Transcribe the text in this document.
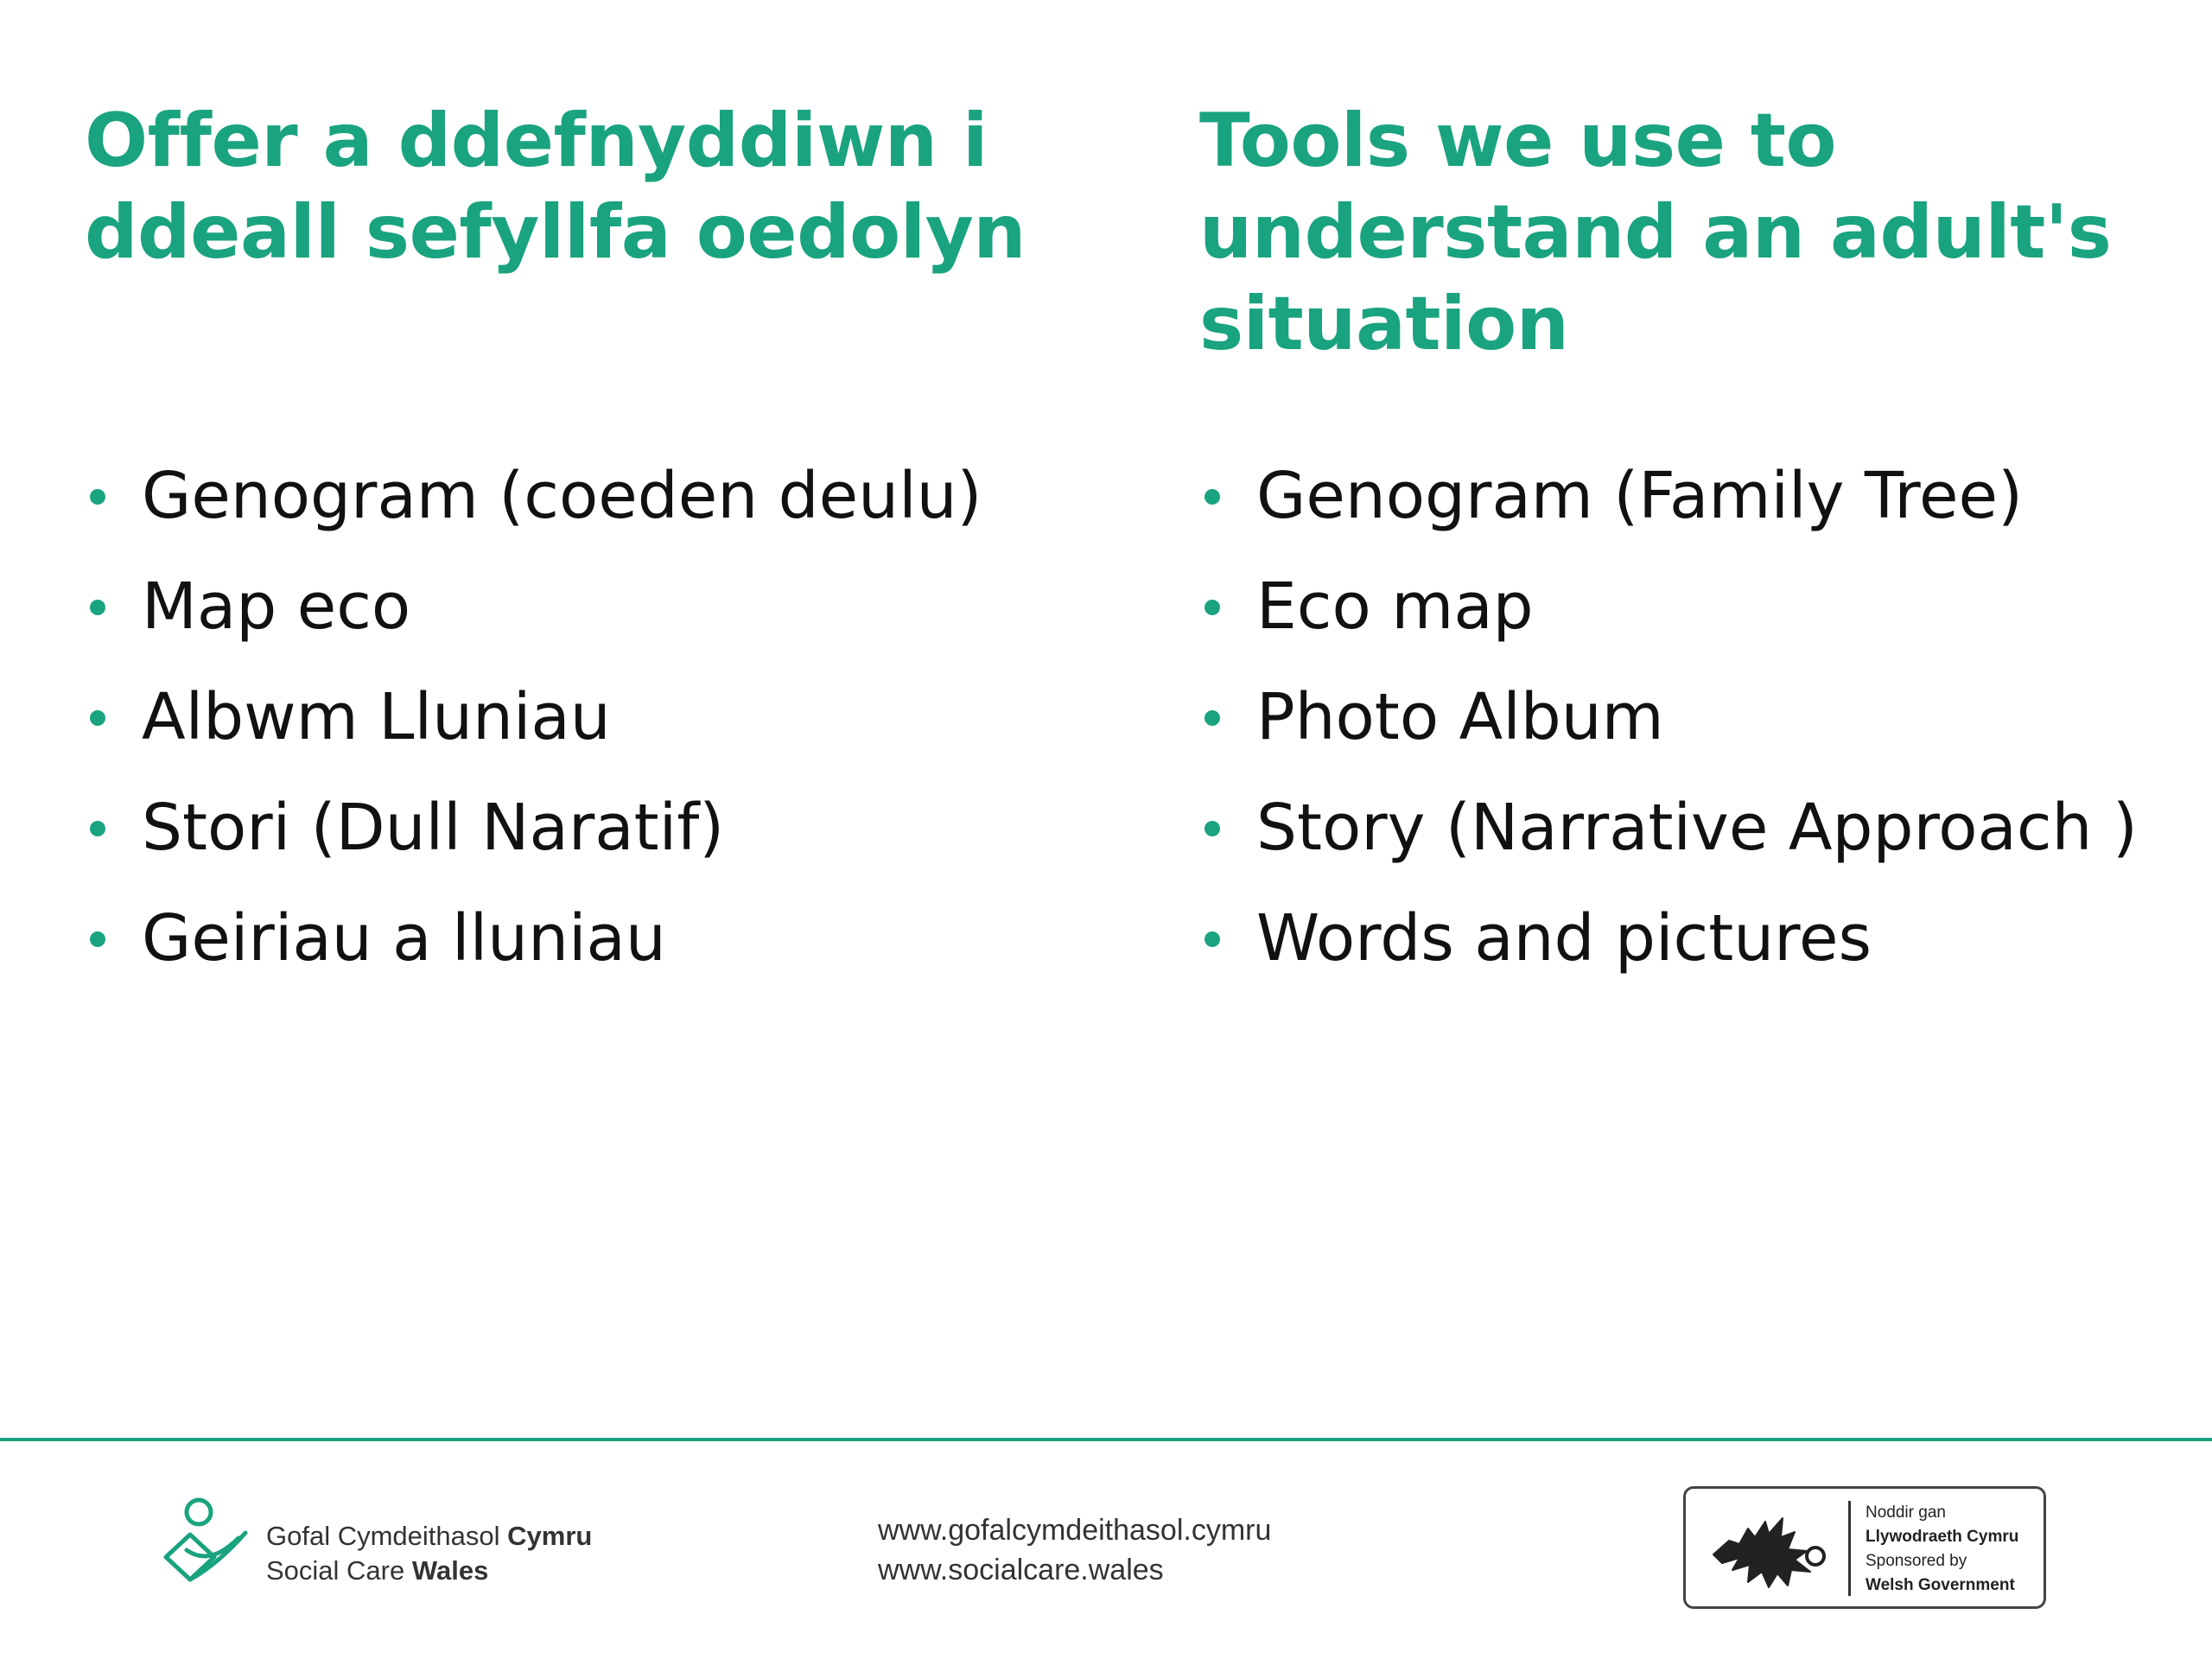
Offer a ddefnyddiwn i
ddeall sefyllfa oedolyn
Genogram (coeden deulu)
Map eco
Albwm Lluniau
Stori (Dull Naratif)
Geiriau a lluniau
Tools we use to
understand an adult's
situation
Genogram (Family Tree)
Eco map
Photo Album
Story (Narrative Approach )
Words and pictures
Gofal Cymdeithasol Cymru
Social Care Wales
www.gofalcymdeithasol.cymru
www.socialcare.wales
Noddir gan
Llywodraeth Cymru
Sponsored by
Welsh Government
